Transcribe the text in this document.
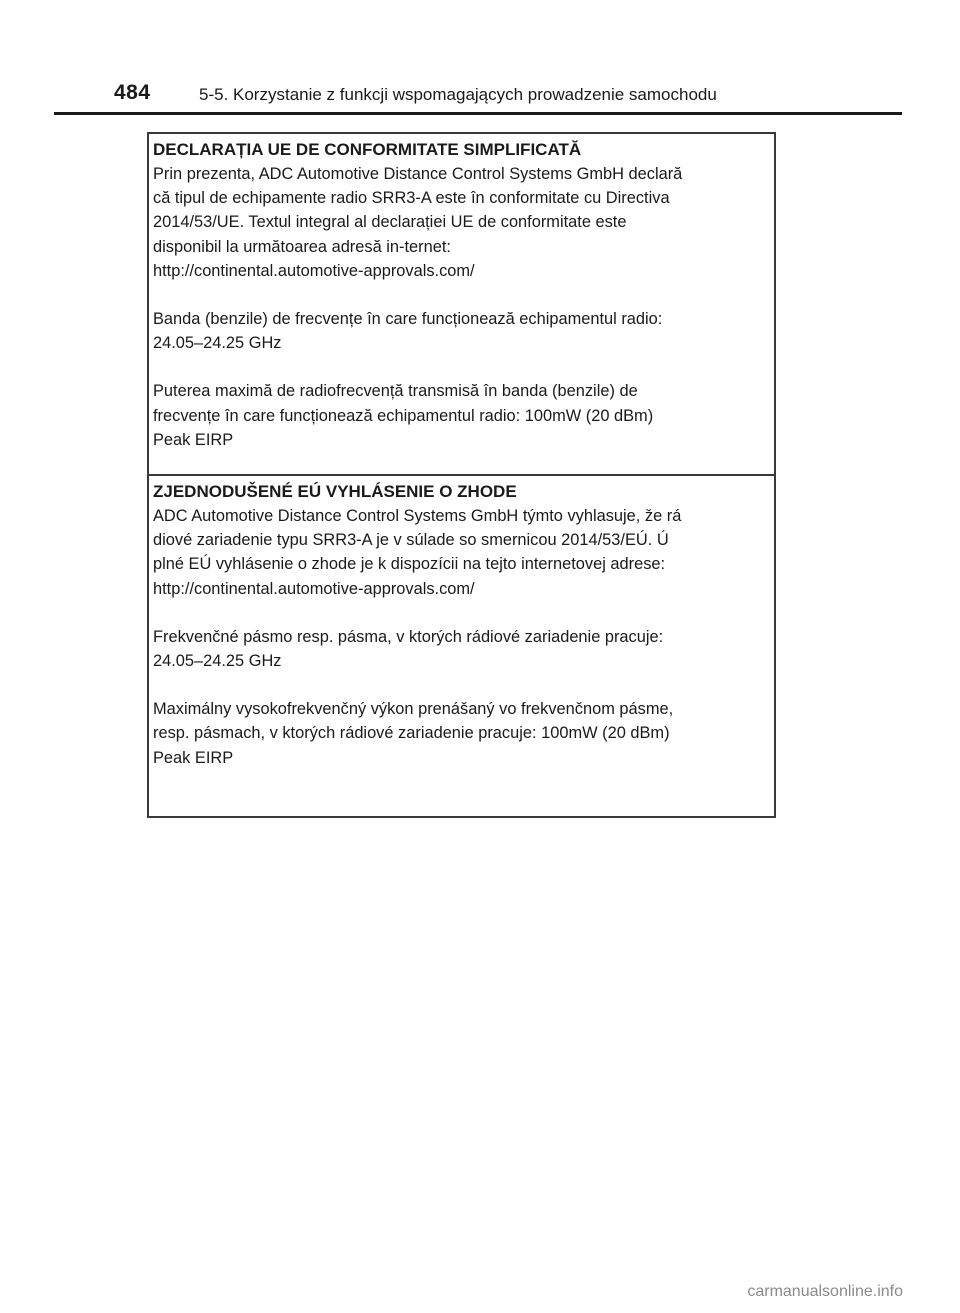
484	5-5. Korzystanie z funkcji wspomagających prowadzenie samochodu

DECLARAȚIA UE DE CONFORMITATE SIMPLIFICATĂ

Prin prezenta, ADC Automotive Distance Control Systems GmbH declară
că tipul de echipamente radio SRR3-A este în conformitate cu Directiva
2014/53/UE. Textul integral al declarației UE de conformitate este
disponibil la următoarea adresă in-ternet:
http://continental.automotive-approvals.com/

Banda (benzile) de frecvențe în care funcționează echipamentul radio:
24.05–24.25 GHz

Puterea maximă de radiofrecvență transmisă în banda (benzile) de
frecvențe în care funcționează echipamentul radio: 100mW (20 dBm)
Peak EIRP

ZJEDNODUŠENÉ EÚ VYHLÁSENIE O ZHODE

ADC Automotive Distance Control Systems GmbH týmto vyhlasuje, že rá
diové zariadenie typu SRR3-A je v súlade so smernicou 2014/53/EÚ. Ú
plné EÚ vyhlásenie o zhode je k dispozícii na tejto internetovej adrese:
http://continental.automotive-approvals.com/

Frekvenčné pásmo resp. pásma, v ktorých rádiové zariadenie pracuje:
24.05–24.25 GHz

Maximálny vysokofrekvenčný výkon prenášaný vo frekvenčnom pásme,
resp. pásmach, v ktorých rádiové zariadenie pracuje: 100mW (20 dBm)
Peak EIRP

carmanualsonline.info
